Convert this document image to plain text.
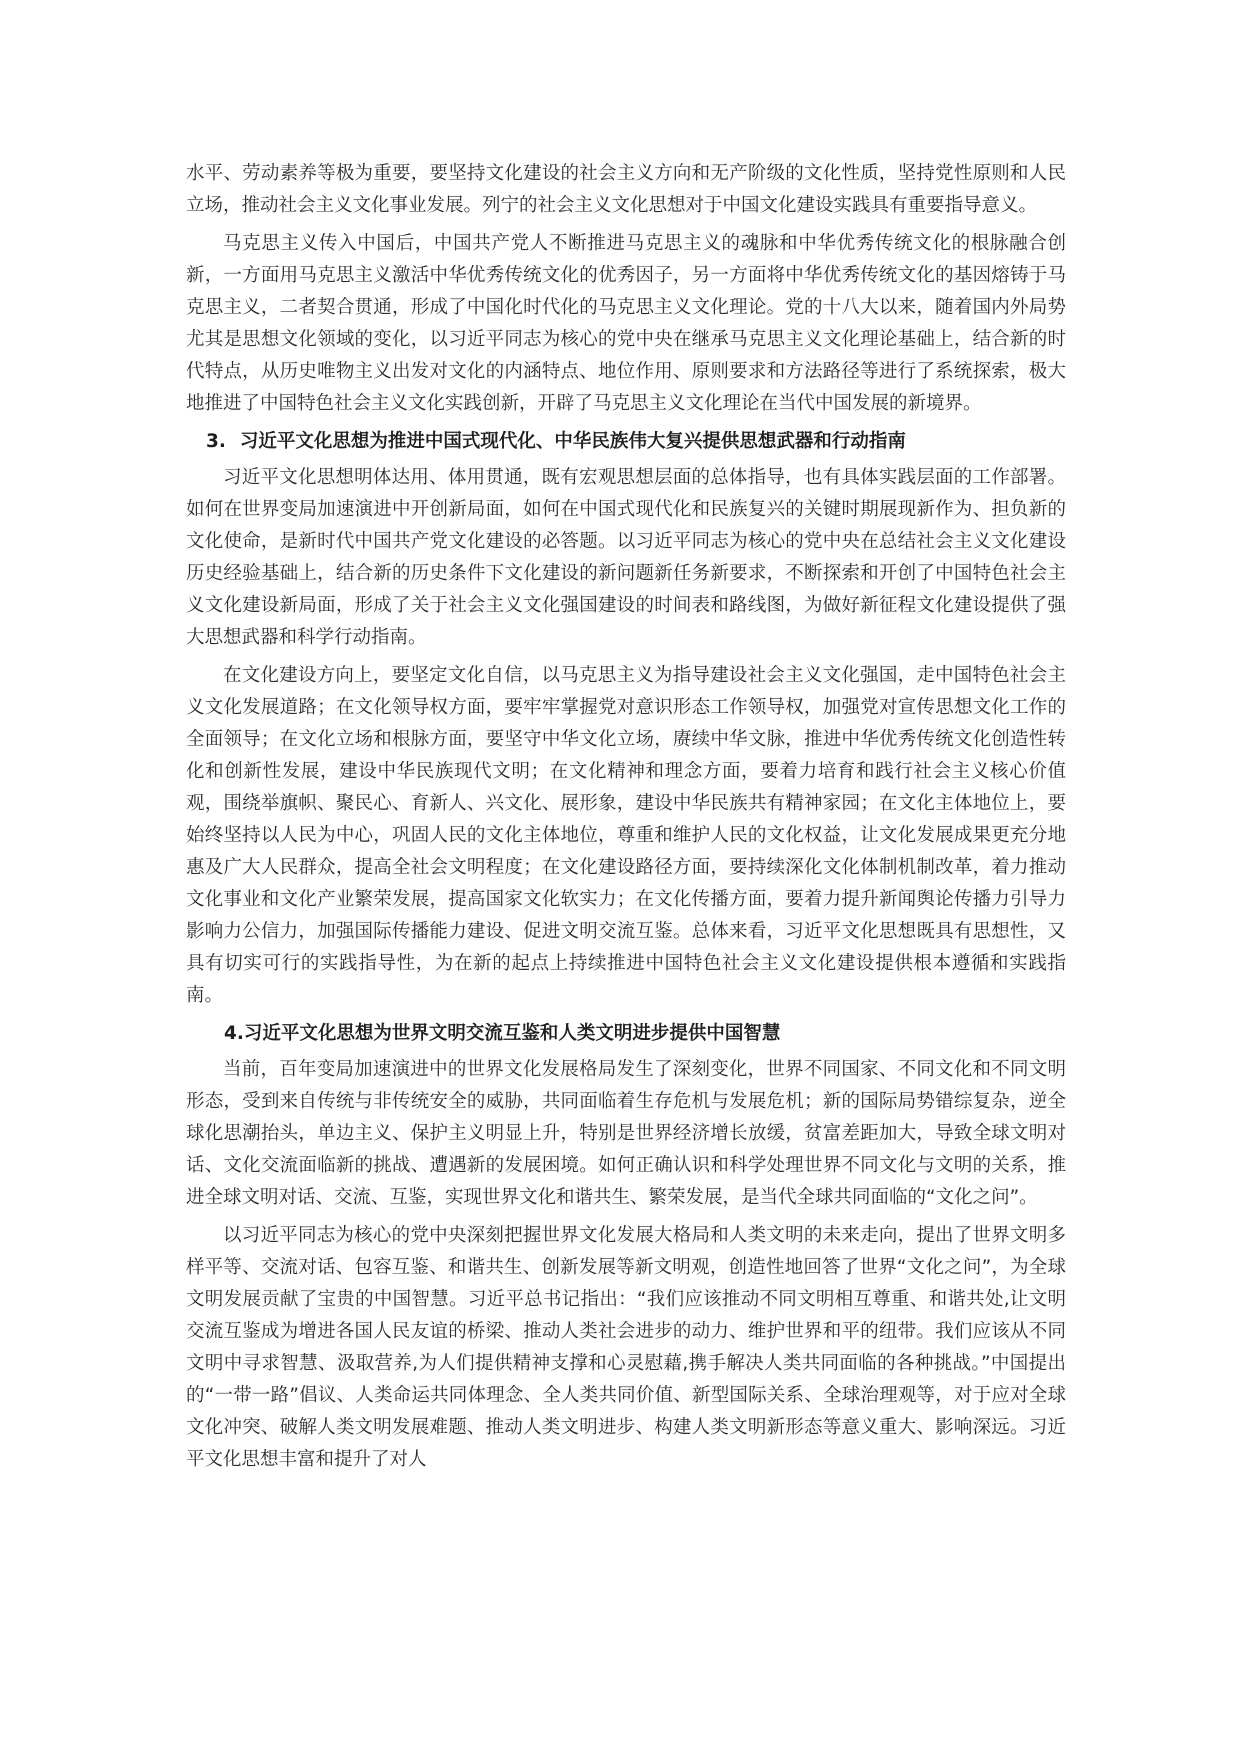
水平、劳动素养等极为重要，要坚持文化建设的社会主义方向和无产阶级的文化性质，坚持党性原则和人民立场，推动社会主义文化事业发展。列宁的社会主义文化思想对于中国文化建设实践具有重要指导意义。

马克思主义传入中国后，中国共产党人不断推进马克思主义的魂脉和中华优秀传统文化的根脉融合创新，一方面用马克思主义激活中华优秀传统文化的优秀因子，另一方面将中华优秀传统文化的基因熔铸于马克思主义，二者契合贯通，形成了中国化时代化的马克思主义文化理论。党的十八大以来，随着国内外局势尤其是思想文化领域的变化，以习近平同志为核心的党中央在继承马克思主义文化理论基础上，结合新的时代特点，从历史唯物主义出发对文化的内涵特点、地位作用、原则要求和方法路径等进行了系统探索，极大地推进了中国特色社会主义文化实践创新，开辟了马克思主义文化理论在当代中国发展的新境界。

3. 习近平文化思想为推进中国式现代化、中华民族伟大复兴提供思想武器和行动指南

习近平文化思想明体达用、体用贯通，既有宏观思想层面的总体指导，也有具体实践层面的工作部署。如何在世界变局加速演进中开创新局面，如何在中国式现代化和民族复兴的关键时期展现新作为、担负新的文化使命，是新时代中国共产党文化建设的必答题。以习近平同志为核心的党中央在总结社会主义文化建设历史经验基础上，结合新的历史条件下文化建设的新问题新任务新要求，不断探索和开创了中国特色社会主义文化建设新局面，形成了关于社会主义文化强国建设的时间表和路线图，为做好新征程文化建设提供了强大思想武器和科学行动指南。

在文化建设方向上，要坚定文化自信，以马克思主义为指导建设社会主义文化强国，走中国特色社会主义文化发展道路；在文化领导权方面，要牢牢掌握党对意识形态工作领导权，加强党对宣传思想文化工作的全面领导；在文化立场和根脉方面，要坚守中华文化立场，赓续中华文脉，推进中华优秀传统文化创造性转化和创新性发展，建设中华民族现代文明；在文化精神和理念方面，要着力培育和践行社会主义核心价值观，围绕举旗帜、聚民心、育新人、兴文化、展形象，建设中华民族共有精神家园；在文化主体地位上，要始终坚持以人民为中心，巩固人民的文化主体地位，尊重和维护人民的文化权益，让文化发展成果更充分地惠及广大人民群众，提高全社会文明程度；在文化建设路径方面，要持续深化文化体制机制改革，着力推动文化事业和文化产业繁荣发展，提高国家文化软实力；在文化传播方面，要着力提升新闻舆论传播力引导力影响力公信力，加强国际传播能力建设、促进文明交流互鉴。总体来看，习近平文化思想既具有思想性，又具有切实可行的实践指导性，为在新的起点上持续推进中国特色社会主义文化建设提供根本遵循和实践指南。

4.习近平文化思想为世界文明交流互鉴和人类文明进步提供中国智慧

当前，百年变局加速演进中的世界文化发展格局发生了深刻变化，世界不同国家、不同文化和不同文明形态，受到来自传统与非传统安全的威胁，共同面临着生存危机与发展危机；新的国际局势错综复杂，逆全球化思潮抬头，单边主义、保护主义明显上升，特别是世界经济增长放缓，贫富差距加大，导致全球文明对话、文化交流面临新的挑战、遭遇新的发展困境。如何正确认识和科学处理世界不同文化与文明的关系，推进全球文明对话、交流、互鉴，实现世界文化和谐共生、繁荣发展，是当代全球共同面临的“文化之问”。

以习近平同志为核心的党中央深刻把握世界文化发展大格局和人类文明的未来走向，提出了世界文明多样平等、交流对话、包容互鉴、和谐共生、创新发展等新文明观，创造性地回答了世界“文化之问”，为全球文明发展贡献了宝贵的中国智慧。习近平总书记指出：“我们应该推动不同文明相互尊重、和谐共处,让文明交流互鉴成为增进各国人民友谊的桥梁、推动人类社会进步的动力、维护世界和平的纽带。我们应该从不同文明中寻求智慧、汲取营养,为人们提供精神支撑和心灵慰藉,携手解决人类共同面临的各种挑战。”中国提出的“一带一路”倡议、人类命运共同体理念、全人类共同价值、新型国际关系、全球治理观等，对于应对全球文化冲突、破解人类文明发展难题、推动人类文明进步、构建人类文明新形态等意义重大、影响深远。习近平文化思想丰富和提升了对人
